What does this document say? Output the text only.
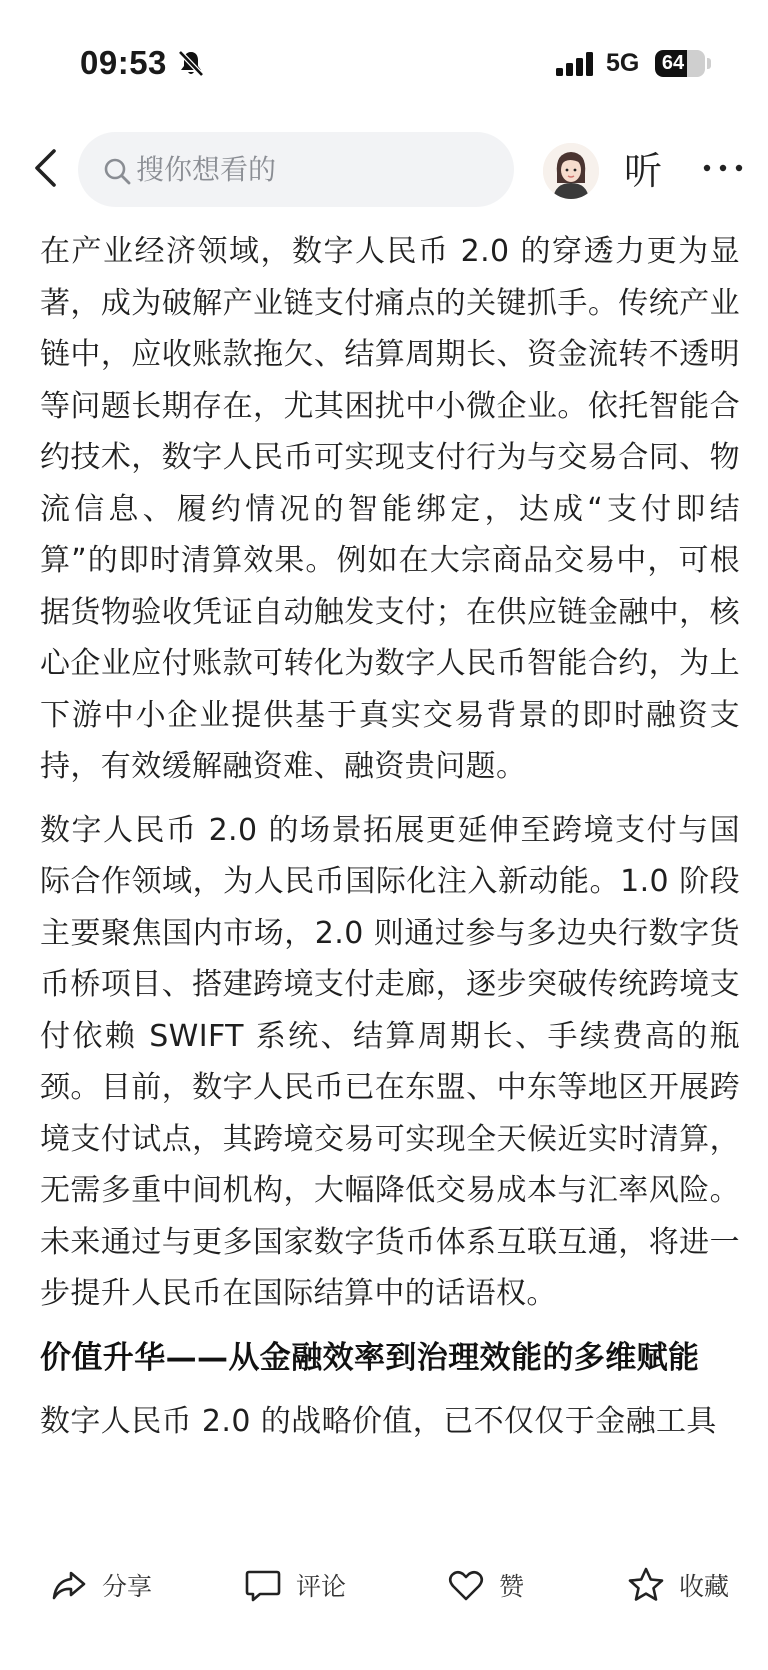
09:53	5G	64
搜你想看的	听

在产业经济领域，数字人民币 2.0 的穿透力更为显著，成为破解产业链支付痛点的关键抓手。传统产业链中，应收账款拖欠、结算周期长、资金流转不透明等问题长期存在，尤其困扰中小微企业。依托智能合约技术，数字人民币可实现支付行为与交易合同、物流信息、履约情况的智能绑定，达成“支付即结算”的即时清算效果。例如在大宗商品交易中，可根据货物验收凭证自动触发支付；在供应链金融中，核心企业应付账款可转化为数字人民币智能合约，为上下游中小企业提供基于真实交易背景的即时融资支持，有效缓解融资难、融资贵问题。

数字人民币 2.0 的场景拓展更延伸至跨境支付与国际合作领域，为人民币国际化注入新动能。1.0 阶段主要聚焦国内市场，2.0 则通过参与多边央行数字货币桥项目、搭建跨境支付走廊，逐步突破传统跨境支付依赖 SWIFT 系统、结算周期长、手续费高的瓶颈。目前，数字人民币已在东盟、中东等地区开展跨境支付试点，其跨境交易可实现全天候近实时清算，无需多重中间机构，大幅降低交易成本与汇率风险。未来通过与更多国家数字货币体系互联互通，将进一步提升人民币在国际结算中的话语权。

价值升华——从金融效率到治理效能的多维赋能

数字人民币 2.0 的战略价值，已不仅仅于金融工具

分享	评论	赞	收藏
